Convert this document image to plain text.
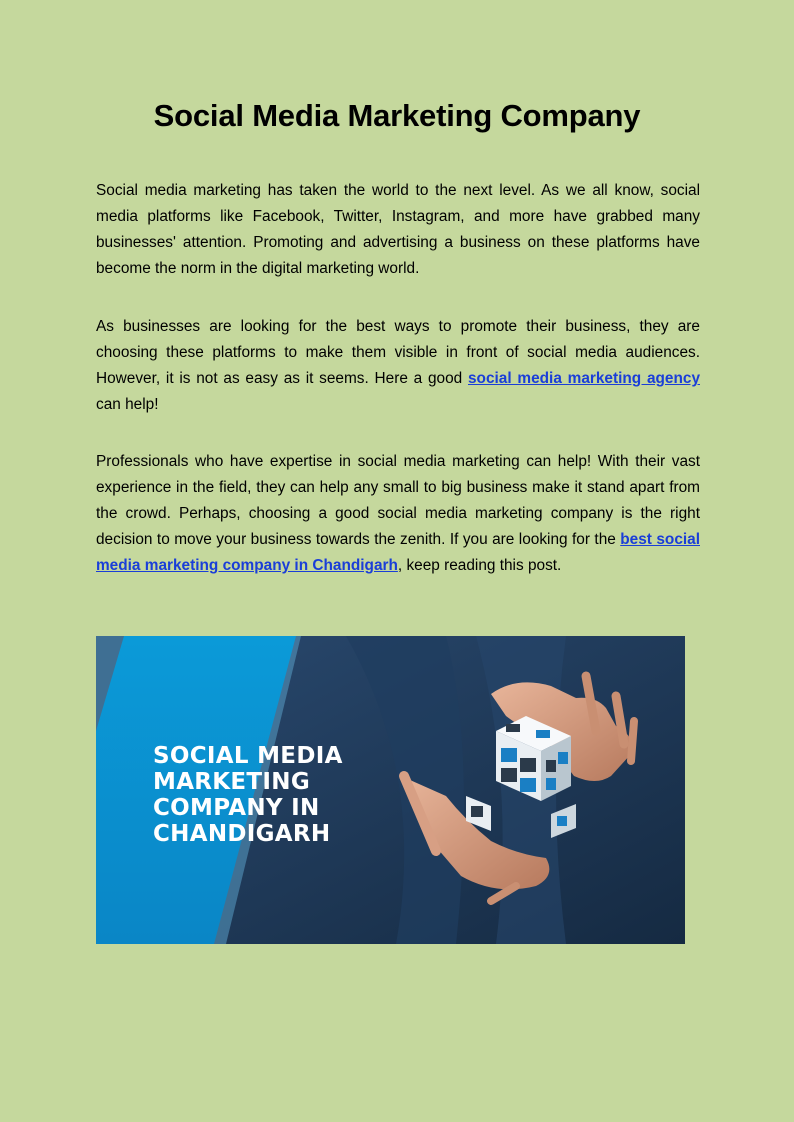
Social Media Marketing Company

Social media marketing has taken the world to the next level. As we all know, social media platforms like Facebook, Twitter, Instagram, and more have grabbed many businesses' attention. Promoting and advertising a business on these platforms have become the norm in the digital marketing world.

As businesses are looking for the best ways to promote their business, they are choosing these platforms to make them visible in front of social media audiences. However, it is not as easy as it seems. Here a good social media marketing agency can help!

Professionals who have expertise in social media marketing can help! With their vast experience in the field, they can help any small to big business make it stand apart from the crowd. Perhaps, choosing a good social media marketing company is the right decision to move your business towards the zenith. If you are looking for the best social media marketing company in Chandigarh, keep reading this post.

SOCIAL MEDIA
MARKETING
COMPANY IN
CHANDIGARH
